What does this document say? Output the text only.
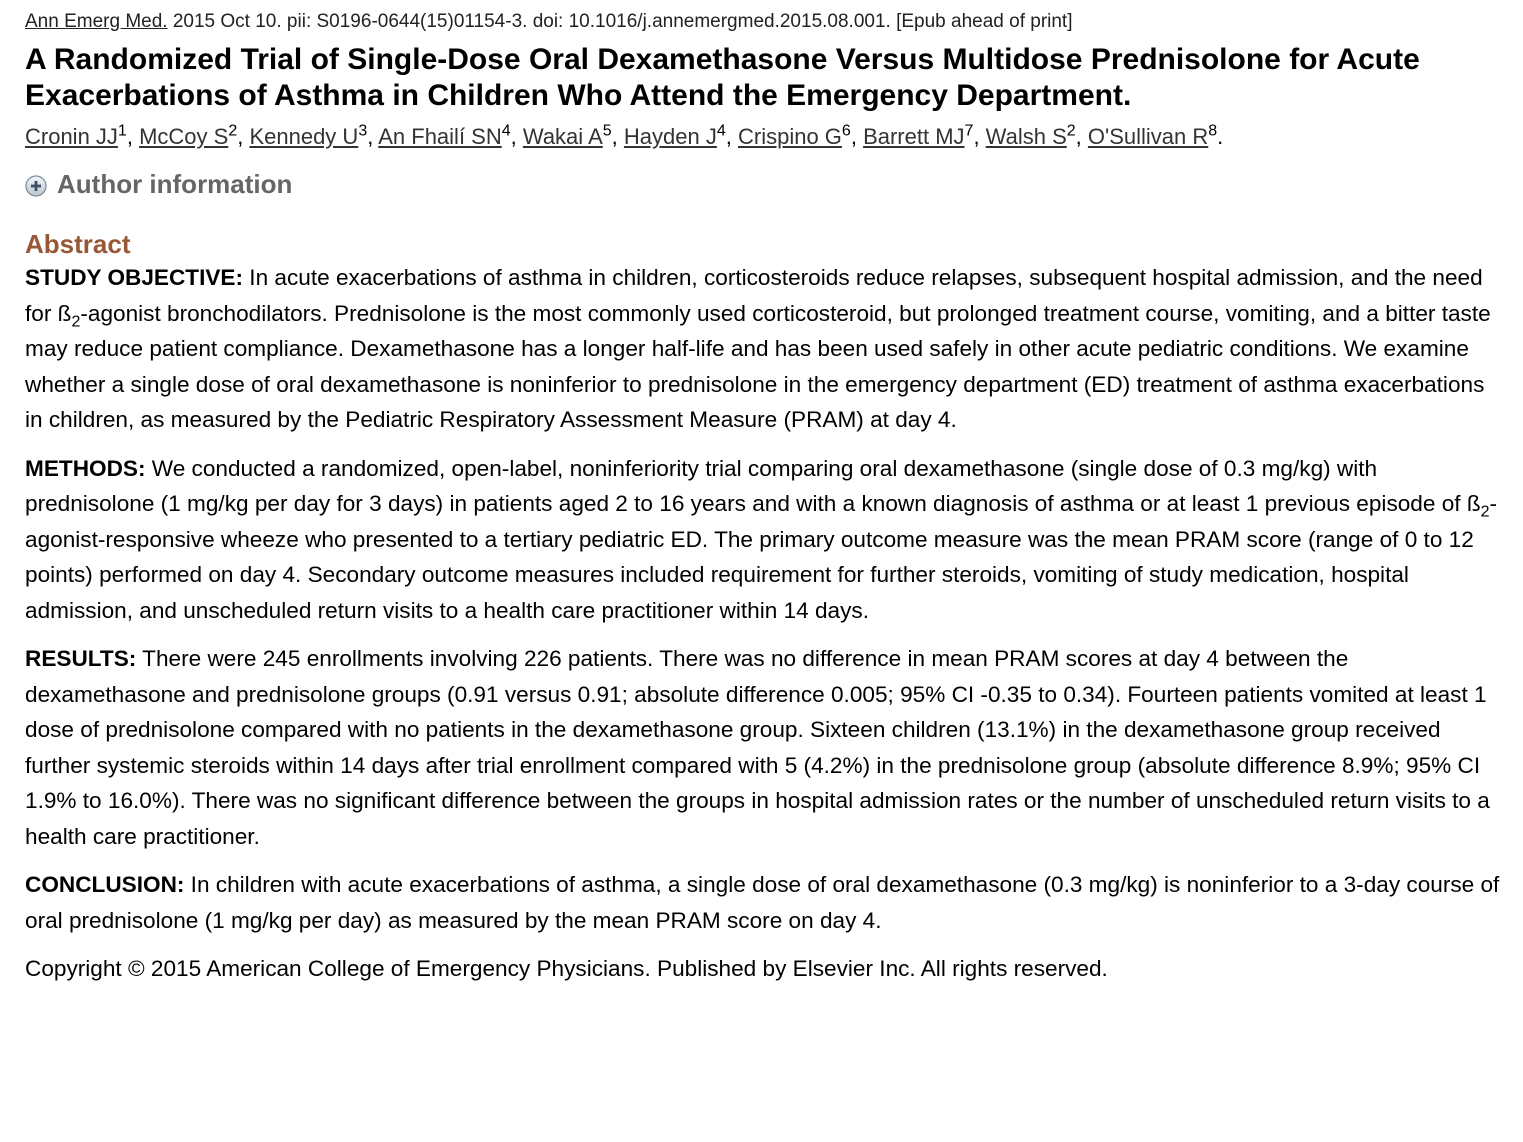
Ann Emerg Med. 2015 Oct 10. pii: S0196-0644(15)01154-3. doi: 10.1016/j.annemergmed.2015.08.001. [Epub ahead of print]
A Randomized Trial of Single-Dose Oral Dexamethasone Versus Multidose Prednisolone for Acute Exacerbations of Asthma in Children Who Attend the Emergency Department.
Cronin $JJ^1$, McCoy $S^2$, Kennedy $U^3$, An Fhailí $SN^4$, Wakai $A^5$, Hayden $J^4$, Crispino $G^6$, Barrett $MJ^7$, Walsh $S^2$, O'Sullivan $R^8$.
Author information
Abstract

STUDY OBJECTIVE: In acute exacerbations of asthma in children, corticosteroids reduce relapses, subsequent hospital admission, and the need for $ß_2$-agonist bronchodilators. Prednisolone is the most commonly used corticosteroid, but prolonged treatment course, vomiting, and a bitter taste may reduce patient compliance. Dexamethasone has a longer half-life and has been used safely in other acute pediatric conditions. We examine whether a single dose of oral dexamethasone is noninferior to prednisolone in the emergency department (ED) treatment of asthma exacerbations in children, as measured by the Pediatric Respiratory Assessment Measure (PRAM) at day 4.

METHODS: We conducted a randomized, open-label, noninferiority trial comparing oral dexamethasone (single dose of 0.3 mg/kg) with prednisolone (1 mg/kg per day for 3 days) in patients aged 2 to 16 years and with a known diagnosis of asthma or at least 1 previous episode of $ß_2-agonist$-responsive wheeze who presented to a tertiary pediatric ED. The primary outcome measure was the mean PRAM score (range of 0 to 12 points) performed on day 4. Secondary outcome measures included requirement for further steroids, vomiting of study medication, hospital admission, and unscheduled return visits to a health care practitioner within 14 days.

RESULTS: There were 245 enrollments involving 226 patients. There was no difference in mean PRAM scores at day 4 between the dexamethasone and prednisolone groups (0.91 versus 0.91; absolute difference 0.005; 95% CI -0.35 to 0.34). Fourteen patients vomited at least 1 dose of prednisolone compared with no patients in the dexamethasone group. Sixteen children (13.1%) in the dexamethasone group received further systemic steroids within 14 days after trial enrollment compared with 5 (4.2%) in the prednisolone group (absolute difference 8.9%; 95% CI 1.9% to 16.0%). There was no significant difference between the groups in hospital admission rates or the number of unscheduled return visits to a health care practitioner.

CONCLUSION: In children with acute exacerbations of asthma, a single dose of oral dexamethasone (0.3 mg/kg) is noninferior to a 3-day course of oral prednisolone (1 mg/kg per day) as measured by the mean PRAM score on day 4.

Copyright © 2015 American College of Emergency Physicians. Published by Elsevier Inc. All rights reserved.
